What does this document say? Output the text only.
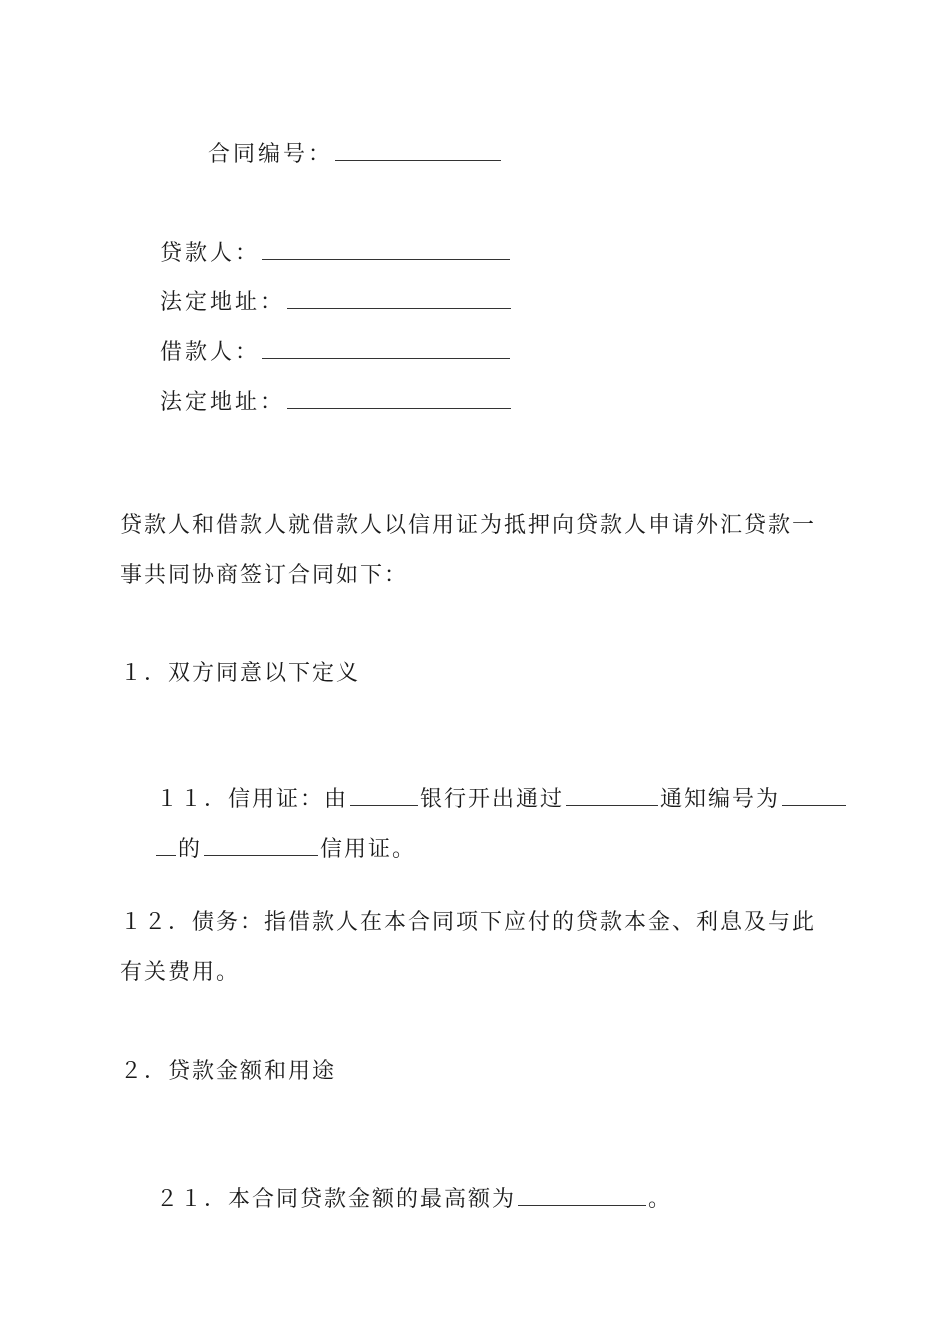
合同编号：

贷款人：

法定地址：

借款人：

法定地址：

贷款人和借款人就借款人以信用证为抵押向贷款人申请外汇贷款一
事共同协商签订合同如下：
１．双方同意以下定义

１１．信用证：由	银行开出通过	通知编号为

的	信用证。

１２．债务：指借款人在本合同项下应付的贷款本金、利息及与此
有关费用。
２．贷款金额和用途

２１．本合同贷款金额的最高额为	。
